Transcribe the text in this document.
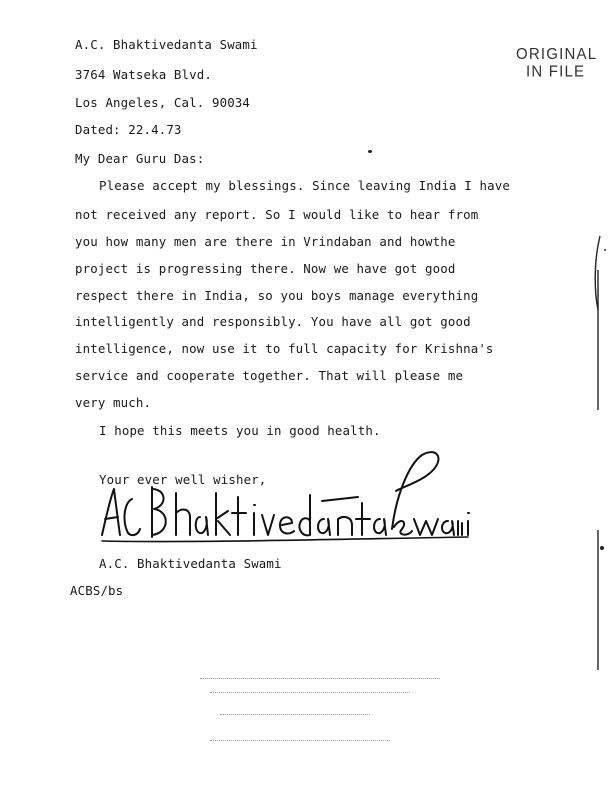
A.C. Bhaktivedanta Swami
3764 Watseka Blvd.
Los Angeles, Cal. 90034
Dated: 22.4.73
ORIGINAL
IN FILE
My Dear Guru Das:
Please accept my blessings. Since leaving India I have
not received any report. So I would like to hear from
you how many men are there in Vrindaban and howthe
project is progressing there. Now we have got good
respect there in India, so you boys manage everything
intelligently and responsibly. You have all got good
intelligence, now use it to full capacity for Krishna's
service and cooperate together. That will please me
very much.
I hope this meets you in good health.
Your ever well wisher,
A.C. Bhaktivedanta Swami
ACBS/bs
